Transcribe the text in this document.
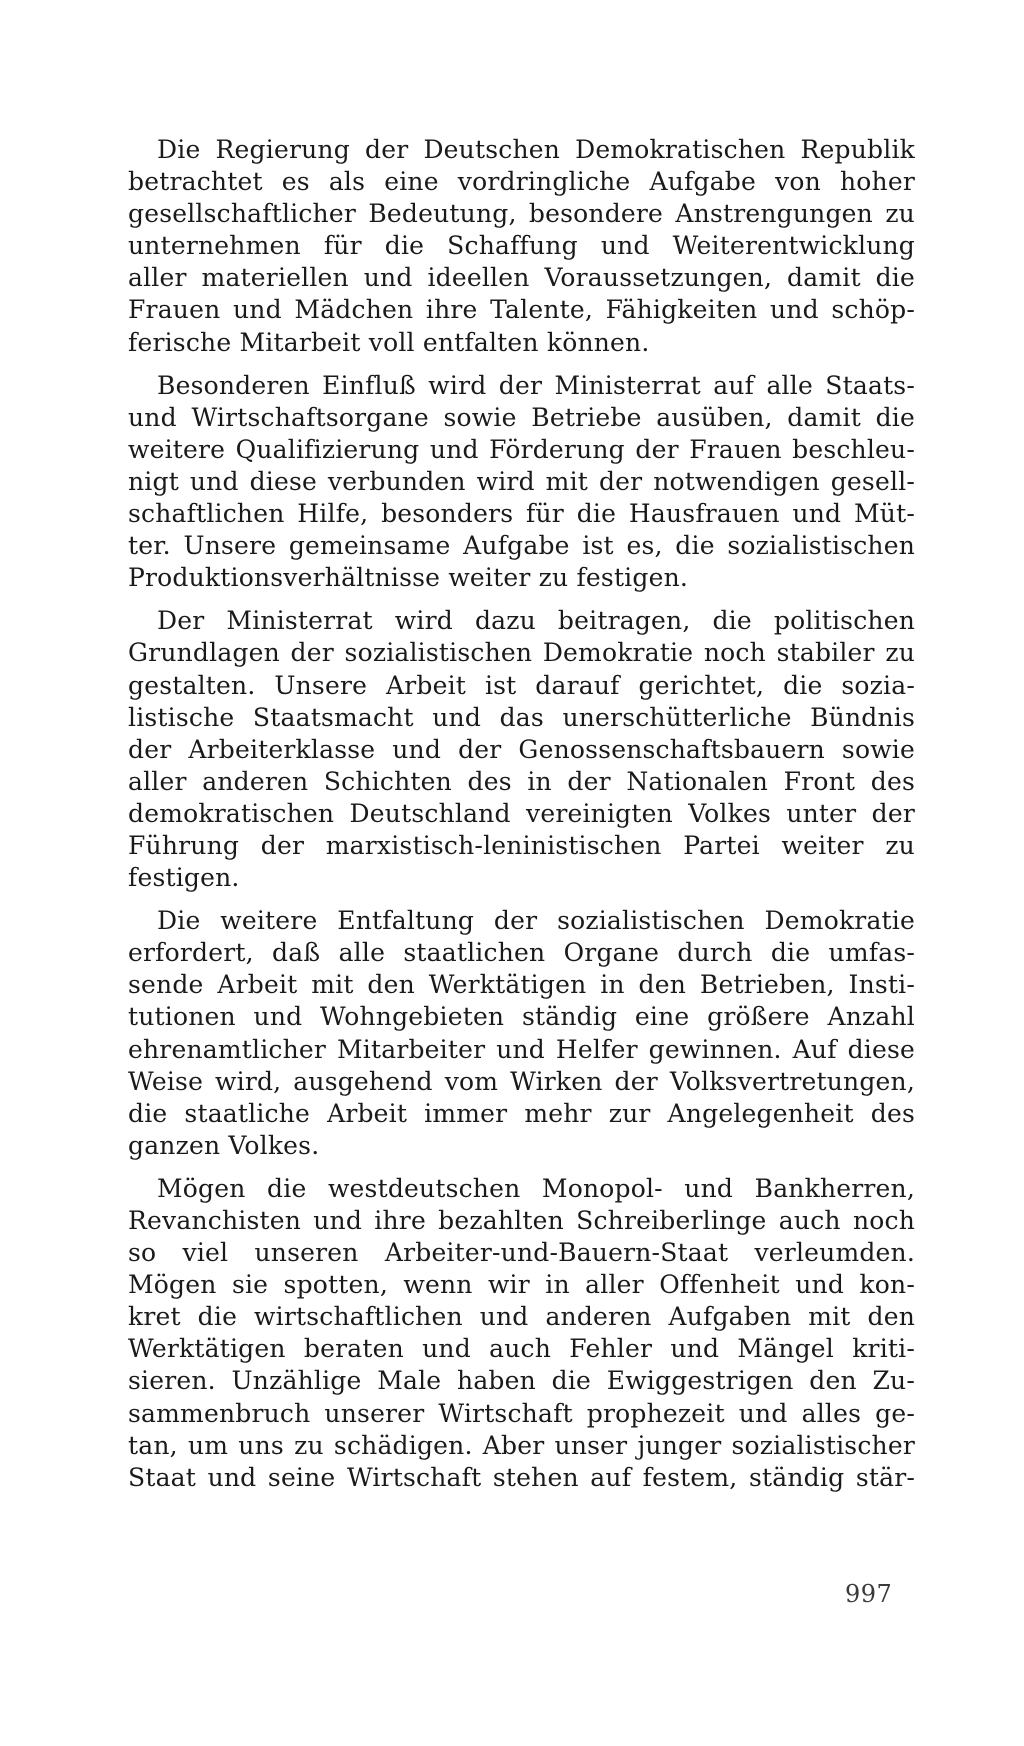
Die Regierung der Deutschen Demokratischen Republik
betrachtet es als eine vordringliche Aufgabe von hoher
gesellschaftlicher Bedeutung, besondere Anstrengungen zu
unternehmen für die Schaffung und Weiterentwicklung
aller materiellen und ideellen Voraussetzungen, damit die
Frauen und Mädchen ihre Talente, Fähigkeiten und schöp-
ferische Mitarbeit voll entfalten können.

Besonderen Einfluß wird der Ministerrat auf alle Staats-
und Wirtschaftsorgane sowie Betriebe ausüben, damit die
weitere Qualifizierung und Förderung der Frauen beschleu-
nigt und diese verbunden wird mit der notwendigen gesell-
schaftlichen Hilfe, besonders für die Hausfrauen und Müt-
ter. Unsere gemeinsame Aufgabe ist es, die sozialistischen
Produktionsverhältnisse weiter zu festigen.

Der Ministerrat wird dazu beitragen, die politischen
Grundlagen der sozialistischen Demokratie noch stabiler zu
gestalten. Unsere Arbeit ist darauf gerichtet, die sozia-
listische Staatsmacht und das unerschütterliche Bündnis
der Arbeiterklasse und der Genossenschaftsbauern sowie
aller anderen Schichten des in der Nationalen Front des
demokratischen Deutschland vereinigten Volkes unter der
Führung der marxistisch-leninistischen Partei weiter zu
festigen.

Die weitere Entfaltung der sozialistischen Demokratie
erfordert, daß alle staatlichen Organe durch die umfas-
sende Arbeit mit den Werktätigen in den Betrieben, Insti-
tutionen und Wohngebieten ständig eine größere Anzahl
ehrenamtlicher Mitarbeiter und Helfer gewinnen. Auf diese
Weise wird, ausgehend vom Wirken der Volksvertretungen,
die staatliche Arbeit immer mehr zur Angelegenheit des
ganzen Volkes.

Mögen die westdeutschen Monopol- und Bankherren,
Revanchisten und ihre bezahlten Schreiberlinge auch noch
so viel unseren Arbeiter-und-Bauern-Staat verleumden.
Mögen sie spotten, wenn wir in aller Offenheit und kon-
kret die wirtschaftlichen und anderen Aufgaben mit den
Werktätigen beraten und auch Fehler und Mängel kriti-
sieren. Unzählige Male haben die Ewiggestrigen den Zu-
sammenbruch unserer Wirtschaft prophezeit und alles ge-
tan, um uns zu schädigen. Aber unser junger sozialistischer
Staat und seine Wirtschaft stehen auf festem, ständig stär-

997
